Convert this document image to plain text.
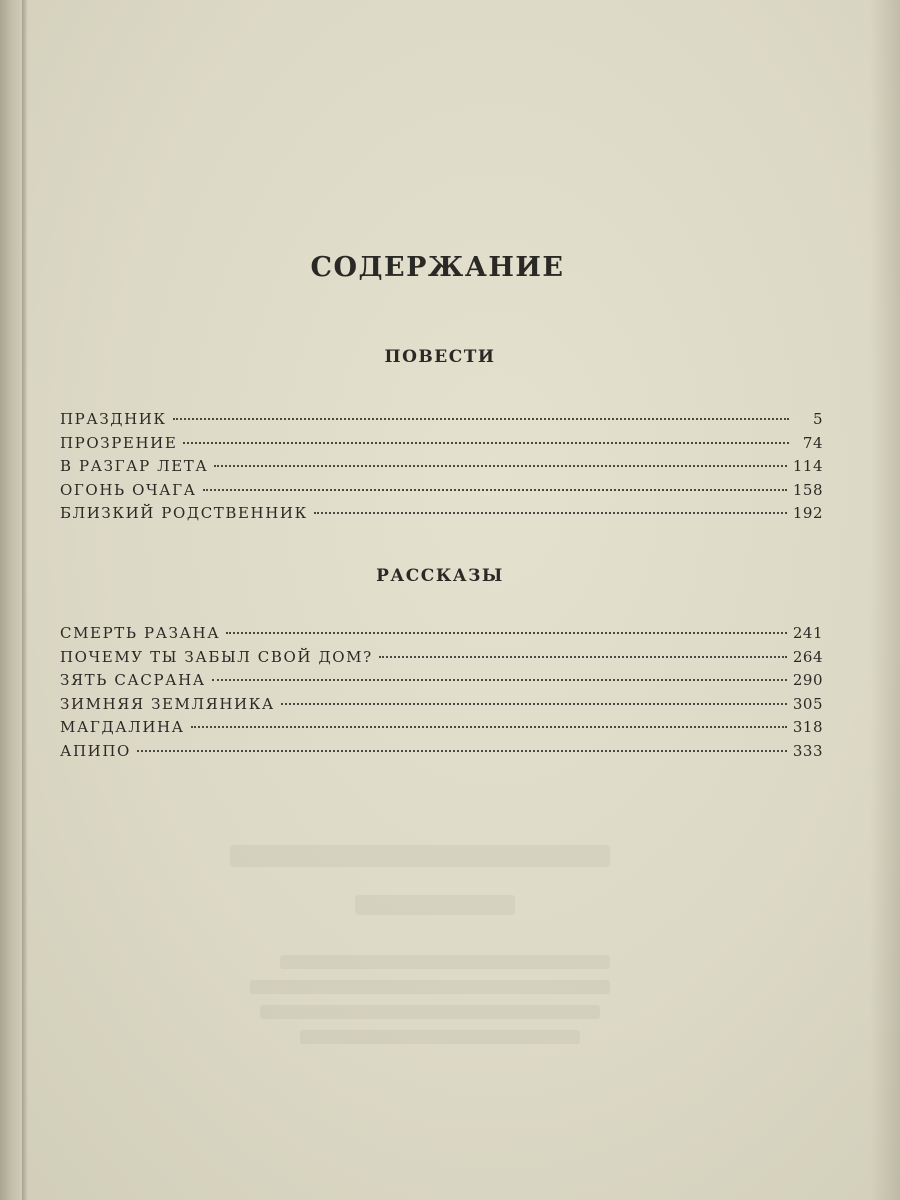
СОДЕРЖАНИЕ
ПОВЕСТИ
ПРАЗДНИК	5
ПРОЗРЕНИЕ	74
В РАЗГАР ЛЕТА	114
ОГОНЬ ОЧАГА	158
БЛИЗКИЙ РОДСТВЕННИК	192
РАССКАЗЫ
СМЕРТЬ РАЗАНА	241
ПОЧЕМУ ТЫ ЗАБЫЛ СВОЙ ДОМ?	264
ЗЯТЬ САСРАНА	290
ЗИМНЯЯ ЗЕМЛЯНИКА	305
МАГДАЛИНА	318
АПИПО	333
